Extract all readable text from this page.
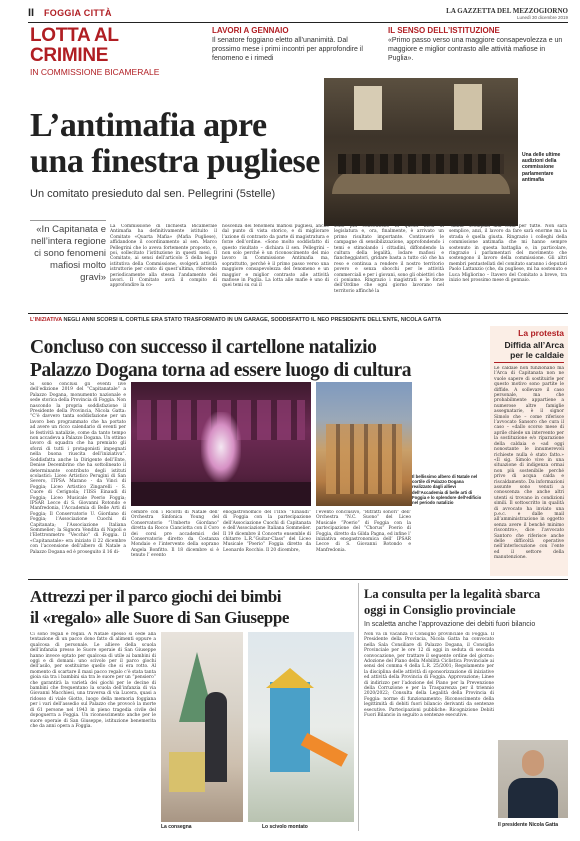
II FOGGIA CITTÀ	LA GAZZETTA DEL MEZZOGIORNO
Lunedì 30 dicembre 2019
LOTTA AL CRIMINE
IN COMMISSIONE BICAMERALE
LAVORI A GENNAIO
Il senatore foggiano eletto all’unanimità. Dal prossimo mese i primi incontri per approfondire il fenomeno e i rimedi
IL SENSO DELL’ISTITUZIONE
«Primo passo verso una maggiore consapevolezza e un maggiore e miglior contrasto alle attività mafiose in Puglia».
L’antimafia apre
una finestra pugliese
Un comitato presieduto dal sen. Pellegrini (5stelle)
Una delle ultime audizioni della commissione parlamentare antimafia
«In Capitanata e nell’intera regione ci sono fenomeni mafiosi molto gravi»
La Commissione di Inchiesta Bicamerale Antimafia ha definitivamente istituito il Comitato «Quarta Mafia» (Mafia Pugliese), affidandone il coordinamento al sen. Marco Pellegrini che lo aveva fortemente proposto, e, poi, sollecitato l’istituzione in questi mesi. Il Comitato, ai sensi dell’articolo 5 della legge istitutiva della Commissione, svolgerà attività istruttorie per conto di quest’ultima, riferendo periodicamente alla stessa l’andamento dei lavori. Il Comitato avrà il compito di approfondire la co-
noscenza dei fenomeni mafiosi pugliesi, anche dal punto di vista storico, e di migliorare l’azione di contrasto da parte di magistratura e forze dell’ordine. «Sono molto soddisfatto di questo risultato – dichiara il sen. Pellegrini – non solo perché è un riconoscimento del mio lavoro in Commissione Antimafia ma, soprattutto, perché è il primo passo verso una maggiore consapevolezza del fenomeno e un maggior e miglior contrasto alle attività mafiose in Puglia. La lotta alle mafie è uno di quei temi su cui il
sono più concentrato in questi mesi di legislatura e, ora, finalmente, è arrivato un primo risultato importante. Continuerò le campagne di sensibilizzazione, approfondendo i temi e stimolando i cittadini, diffondendo la cultura della legalità, lodare mafiosi e fiancheggiatori, gridare basta a tutto ciò che ha reso e continua a rendere il nostro territorio povero e senza sbocchi per le attività commerciali e per i giovani, sono gli obiettivi che ci poniamo. Ringrazio i magistrati e le forze dell’Ordine che ogni giorno lavorano nel territorio affinché la
“mafia” scompaia una volta per tutte. Non sarà semplice, anzi, il lavoro da fare sarà enorme ma la strada è quella giusta. Ringrazio i colleghi della commissione antimafia che mi hanno sempre sostenuto in questa battaglia e, in particolare, ringrazio i parlamentari del movimento che sostengono il lavoro della commissione. Gli altri membri pentastellati del comitato saranno i deputati Paolo Lattanzio (che, da pugliese, mi ha sostenuto e Luca Migliorino – Itavero del Comitato a breve, tra inizio nel prossimo mese di gennaio.
L’INIZIATIVA NEGLI ANNI SCORSI IL CORTILE ERA STATO TRASFORMATO IN UN GARAGE, SODDISFATTO IL NEO PRESIDENTE DELL’ENTE, NICOLA GATTA
Concluso con successo il cartellone natalizio
Palazzo Dogana torna ad essere luogo di cultura
Si sono conclusi gli eventi live dell’edizione 2019 del “Capitanatale” a Palazzo Dogana, monumento nazionale e sede storica della Provincia di Foggia. Non nascondo la propria soddisfazione il Presidente della Provincia, Nicola Gatta: “C’è davvero tanta soddisfazione per un lavoro ben programmato che ha portato ad avere un ricco calendario di eventi per le festività natalizie, come da tanto tempo non accadeva a Palazzo Dogana. Un ottimo lavoro di squadra che ha premiato gli sforzi di tutti i protagonisti impegnati nella buona riuscita dell’iniziativa”. Soddisfatta anche la Dirigente dell’Ente, Denise Decembrino che ha sottolineato il determinante contributo degli istituti scolastici: Liceo Artistico Perugini di San Severo, ITPSA Marano - da Vinci di Foggia; Liceo Artistico Zingarelli - S. Cuore di Cerignola; l’IISS Einaudi di Foggia; Liceo Musicale Poerio Foggia; IPSAR Lecce di S. Giovanni Rotondo e Manfredonia, l’Accademia di Belle Arti di Foggia; Il Conservatorio U. Giordano di Foggia; l’Associazione Cuochi di Capitanata; l’Associazione Italiana Sommelier; la Signora Vendita di Napoli e l’Elettronmetro “Vecchio” di Foggia. Il «Capitanatale» era iniziato il 22 dicembre con l’accensione dell’albero di Natale a Palazzo Dogana ed è proseguito il 16 di-
Il bellissimo albero di Natale nel cortile di Palazzo Dogana realizzato dagli allievi dell’Accademia di belle arti di Foggia e lo splendore dell’edificio nel periodo natalizio
cembre con i Ricordi di Natale dell’ Orchestra Sinfonica Young del Conservatorio “Umberto Giordano” diretta da Rocco Cianciotta con il Coro dei corsi pre accademici del Conservatorio diretto da Costanza Mondaio e l’intervento della soprano Angela Bonfitto. Il 18 dicembre si è tenuto l’ evento
enogastronomico del l’IISS “Einaudi” di Foggia con la partecipazione dell’Associazione Cuochi di Capitanata e dell’Associazione Italiana Sommelier. Il 19 dicembre il Concerto ensemble di chitarre L.R.”Guitar-Class” del Liceo Musicale “Poerio” Foggia diretto da Leonardo Rocchio. Il 20 dicembre,
l’evento conclusivo, “Ritratti sonori” dell’ Orchestra “N.C. Suono” del Liceo Musicale “Poerio” di Foggia con la partecipazione del “Chorus” Poerio di Foggia, diretto da Gilda Pagna, ed infine l’ iniziativa enogastronomica dell’ IPSAR Lecce di S. Giovanni Rotondo e Manfredonia.
La protesta
Diffida all’Arca per le caldaie
Le caldaie non funzionano ma l’Arca di Capitanata non ne vuole sapere di sostituirle per questo motivo sono partite le diffide. A sollevare il caso personale, ma che probabilmente appartiene a numerose altre famiglie assegnatarie, è il signor Simolo che – come riferisce l’avvocato Sansoro che cura il caso – «dallo scorso mese di aprile chiede un intervento per la sostituzione e/o riparazione della caldaia e «ad oggi nonostante le innumerevoli richieste nulla è stato fatto.» «Il sig. Simolo vive in una situazione di indigenza ormai non più sostenibile perché privo di acqua calda e riscaldamento. Da informazioni assunte sono venuti a conoscenza che anche altri utenti si trovano in condizioni simili. Il sottoscritto in qualità di avvocato ha inviato una p.e.c. e dalle mail all’amministrazione in oggetto senza avere il benché minimo riscontro», dice l’avvocato Santoro che riferisce anche delle difficoltà operative nell’interlocuzione con l’ente ed il settore della manutenzione.
Attrezzi per il parco giochi dei bimbi
il «regalo» alle Suore di San Giuseppe
Ci sono regali e regali. A Natale spesso si cede alla tentazione di un pacco dono fatto di alimenti oppure a qualcosa di personale. Le allieve della scuola dell’infanzia presso le Suore operaie di San Giuseppe hanno invece optato per qualcosa di utile ai bambini di oggi e di domani: uno scivolo per il parco giochi dell’asilo, per sostituirne quello che si era rotto. Al momento di scartare il maxi pacco regalo c’è stata tanta gioia sia tra i bambini sia tra le suore per un “pensiero” che garantirà la varietà dei giochi per le decine di bambini che frequentano la scuola dell’infanzia di via Giovanni Macchiesi, una traversa di via Lucera, quasi a ridosso di viale Giotto, luogo della memoria foggiana per i vari dell’assedio sul Palazzo che provocò la morte di 61 persone nel 1943 in pieno tragedia civile del dopoguerra a Foggia. Un riconoscimento anche per le suore operaie di San Giuseppe, istituzione benemerita che da anni opera a Foggia.
La consegna	Lo scivolo montato
La consulta per la legalità sbarca
oggi in Consiglio provinciale
In scaletta anche l’approvazione dei debiti fuori bilancio
Non va in vacanza il Consiglio provinciale di Foggia. Il Presidente della Provincia, Nicola Gatta ha convocato nella Sala Consiliare di Palazzo Dogana, il Consiglio Provinciale per le ore 12 di oggi in seduta di seconda convocazione, per trattare il seguente ordine del giorno: Adozione del Piano della Mobilità Ciclistica Provinciale ai sensi del comma 4 della L.R. 25/2001; Regolamento per la disciplina delle attività di sponsorizzazione di iniziative ed attività della Provincia di Foggia. Approvazione; Linee di indirizzo per l’adozione del Piano per la Prevenzione della Corruzione e per la Trasparenza per il triennio 2020/2022; Consulta della Legalità della Provincia di Foggia: norme di funzionamento; Riconoscimento della legittimità di debiti fuori bilancio derivanti da sentenze esecutive. Partecipazioni pubbliche: Ricognizione Debiti Fuori Bilancio in seguito a sentenze esecutive.
Il presidente Nicola Gatta
